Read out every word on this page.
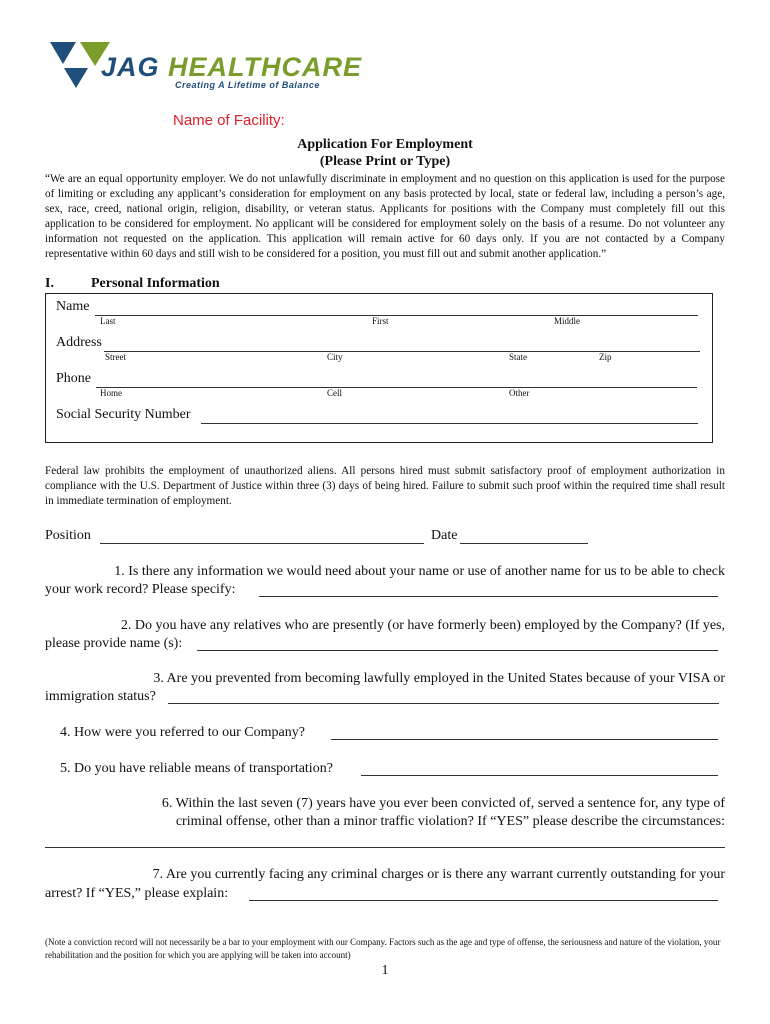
JAG HEALTHCARE
Creating A Lifetime of Balance
Name of Facility:
Application For Employment
(Please Print or Type)
“We are an equal opportunity employer. We do not unlawfully discriminate in employment and no question on this application is used for the purpose of limiting or excluding any applicant’s consideration for employment on any basis protected by local, state or federal law, including a person’s age, sex, race, creed, national origin, religion, disability, or veteran status. Applicants for positions with the Company must completely fill out this application to be considered for employment. No applicant will be considered for employment solely on the basis of a resume. Do not volunteer any information not requested on the application. This application will remain active for 60 days only. If you are not contacted by a Company representative within 60 days and still wish to be considered for a position, you must fill out and submit another application.”
I.	Personal Information
Name
Last	First	Middle
Address
Street	City	State	Zip
Phone
Home	Cell	Other
Social Security Number
Federal law prohibits the employment of unauthorized aliens. All persons hired must submit satisfactory proof of employment authorization in compliance with the U.S. Department of Justice within three (3) days of being hired. Failure to submit such proof within the required time shall result in immediate termination of employment.
Position	Date
1. Is there any information we would need about your name or use of another name for us to be able to check
your work record? Please specify:
2. Do you have any relatives who are presently (or have formerly been) employed by the Company? (If yes,
please provide name (s):
3. Are you prevented from becoming lawfully employed in the United States because of your VISA or
immigration status?
4. How were you referred to our Company?
5. Do you have reliable means of transportation?
6. Within the last seven (7) years have you ever been convicted of, served a sentence for, any type of
criminal offense, other than a minor traffic violation? If “YES” please describe the circumstances:
7. Are you currently facing any criminal charges or is there any warrant currently outstanding for your
arrest? If “YES,” please explain:
(Note a conviction record will not necessarily be a bar to your employment with our Company. Factors such as the age and type of offense, the seriousness and nature of the violation, your rehabilitation and the position for which you are applying will be taken into account)
1
